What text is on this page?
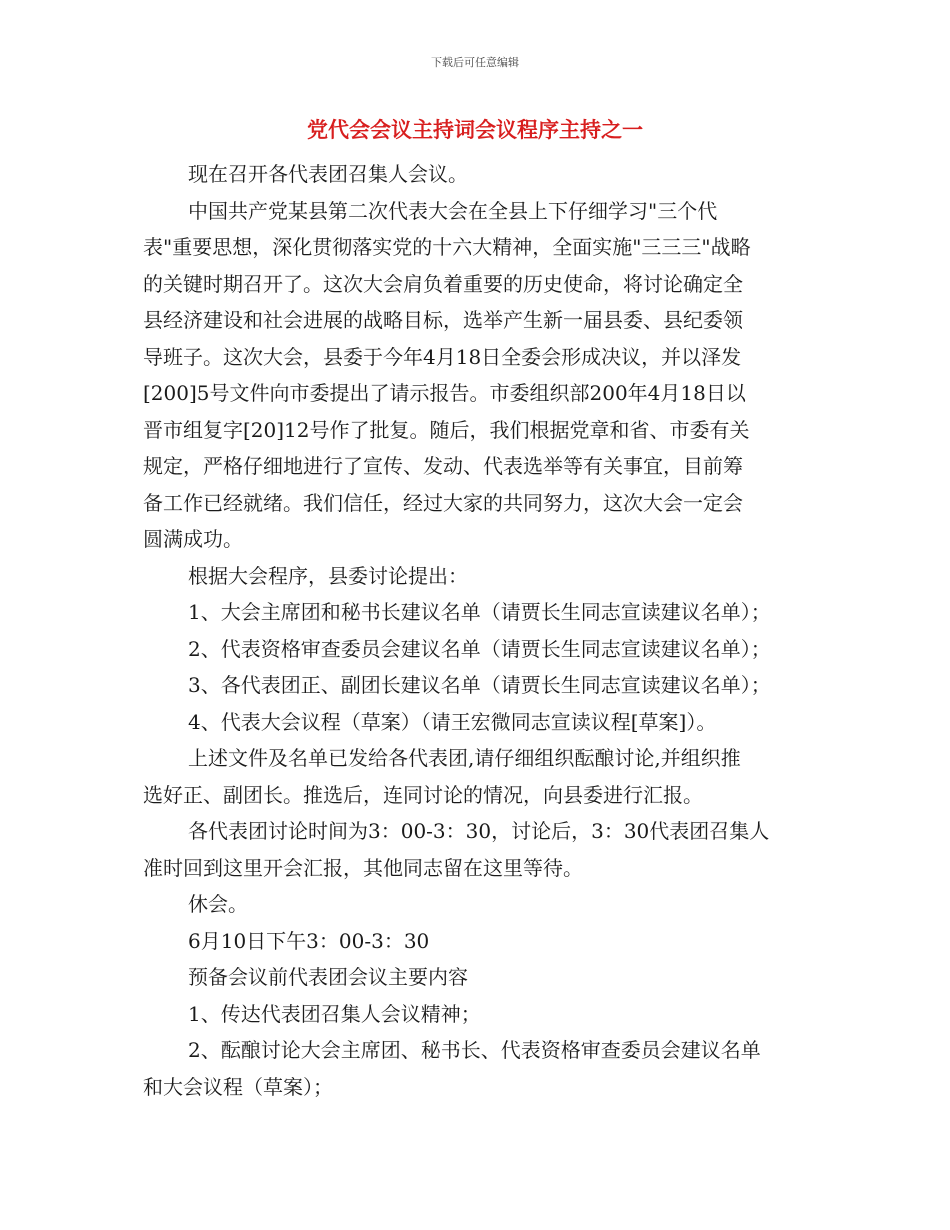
下载后可任意编辑
党代会会议主持词会议程序主持之一
现在召开各代表团召集人会议。
中国共产党某县第二次代表大会在全县上下仔细学习"三个代
表"重要思想，深化贯彻落实党的十六大精神，全面实施"三三三"战略
的关键时期召开了。这次大会肩负着重要的历史使命，将讨论确定全
县经济建设和社会进展的战略目标，选举产生新一届县委、县纪委领
导班子。这次大会，县委于今年4月18日全委会形成决议，并以泽发
[200]5号文件向市委提出了请示报告。市委组织部200年4月18日以
晋市组复字[20]12号作了批复。随后，我们根据党章和省、市委有关
规定，严格仔细地进行了宣传、发动、代表选举等有关事宜，目前筹
备工作已经就绪。我们信任，经过大家的共同努力，这次大会一定会
圆满成功。
根据大会程序，县委讨论提出：
1、大会主席团和秘书长建议名单（请贾长生同志宣读建议名单）；
2、代表资格审查委员会建议名单（请贾长生同志宣读建议名单）；
3、各代表团正、副团长建议名单（请贾长生同志宣读建议名单）；
4、代表大会议程（草案）（请王宏微同志宣读议程[草案]）。
上述文件及名单已发给各代表团,请仔细组织酝酿讨论,并组织推
选好正、副团长。推选后，连同讨论的情况，向县委进行汇报。
各代表团讨论时间为3：00-3：30，讨论后，3：30代表团召集人
准时回到这里开会汇报，其他同志留在这里等待。
休会。
6月10日下午3：00-3：30
预备会议前代表团会议主要内容
1、传达代表团召集人会议精神；
2、酝酿讨论大会主席团、秘书长、代表资格审查委员会建议名单
和大会议程（草案）；
